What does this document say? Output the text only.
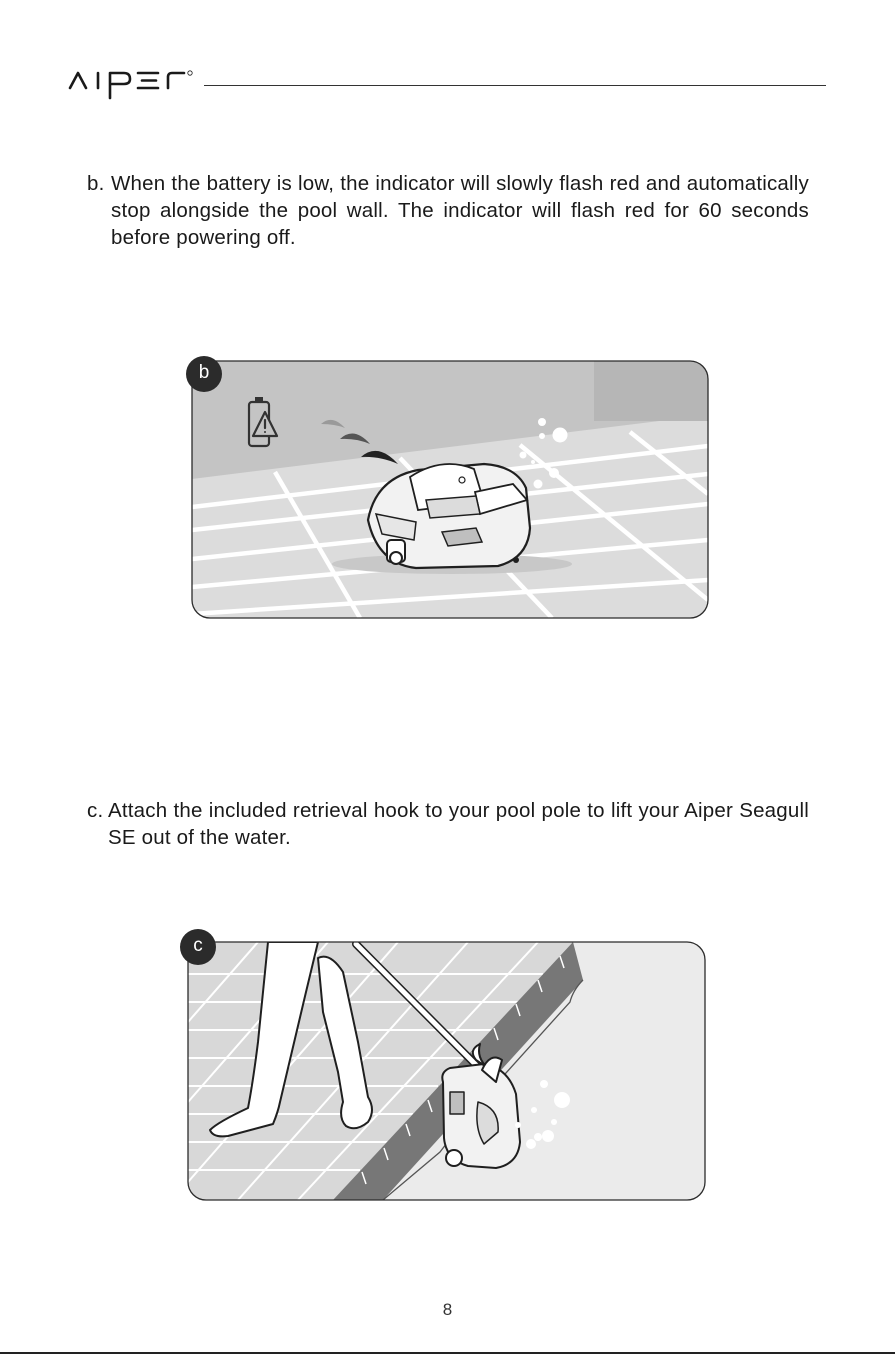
b. When the battery is low, the indicator will slowly flash red and automatically stop alongside the pool wall. The indicator will flash red for 60 seconds before powering off.
b
c. Attach the included retrieval hook to your pool pole to lift your Aiper Seagull SE out of the water.
c
8
